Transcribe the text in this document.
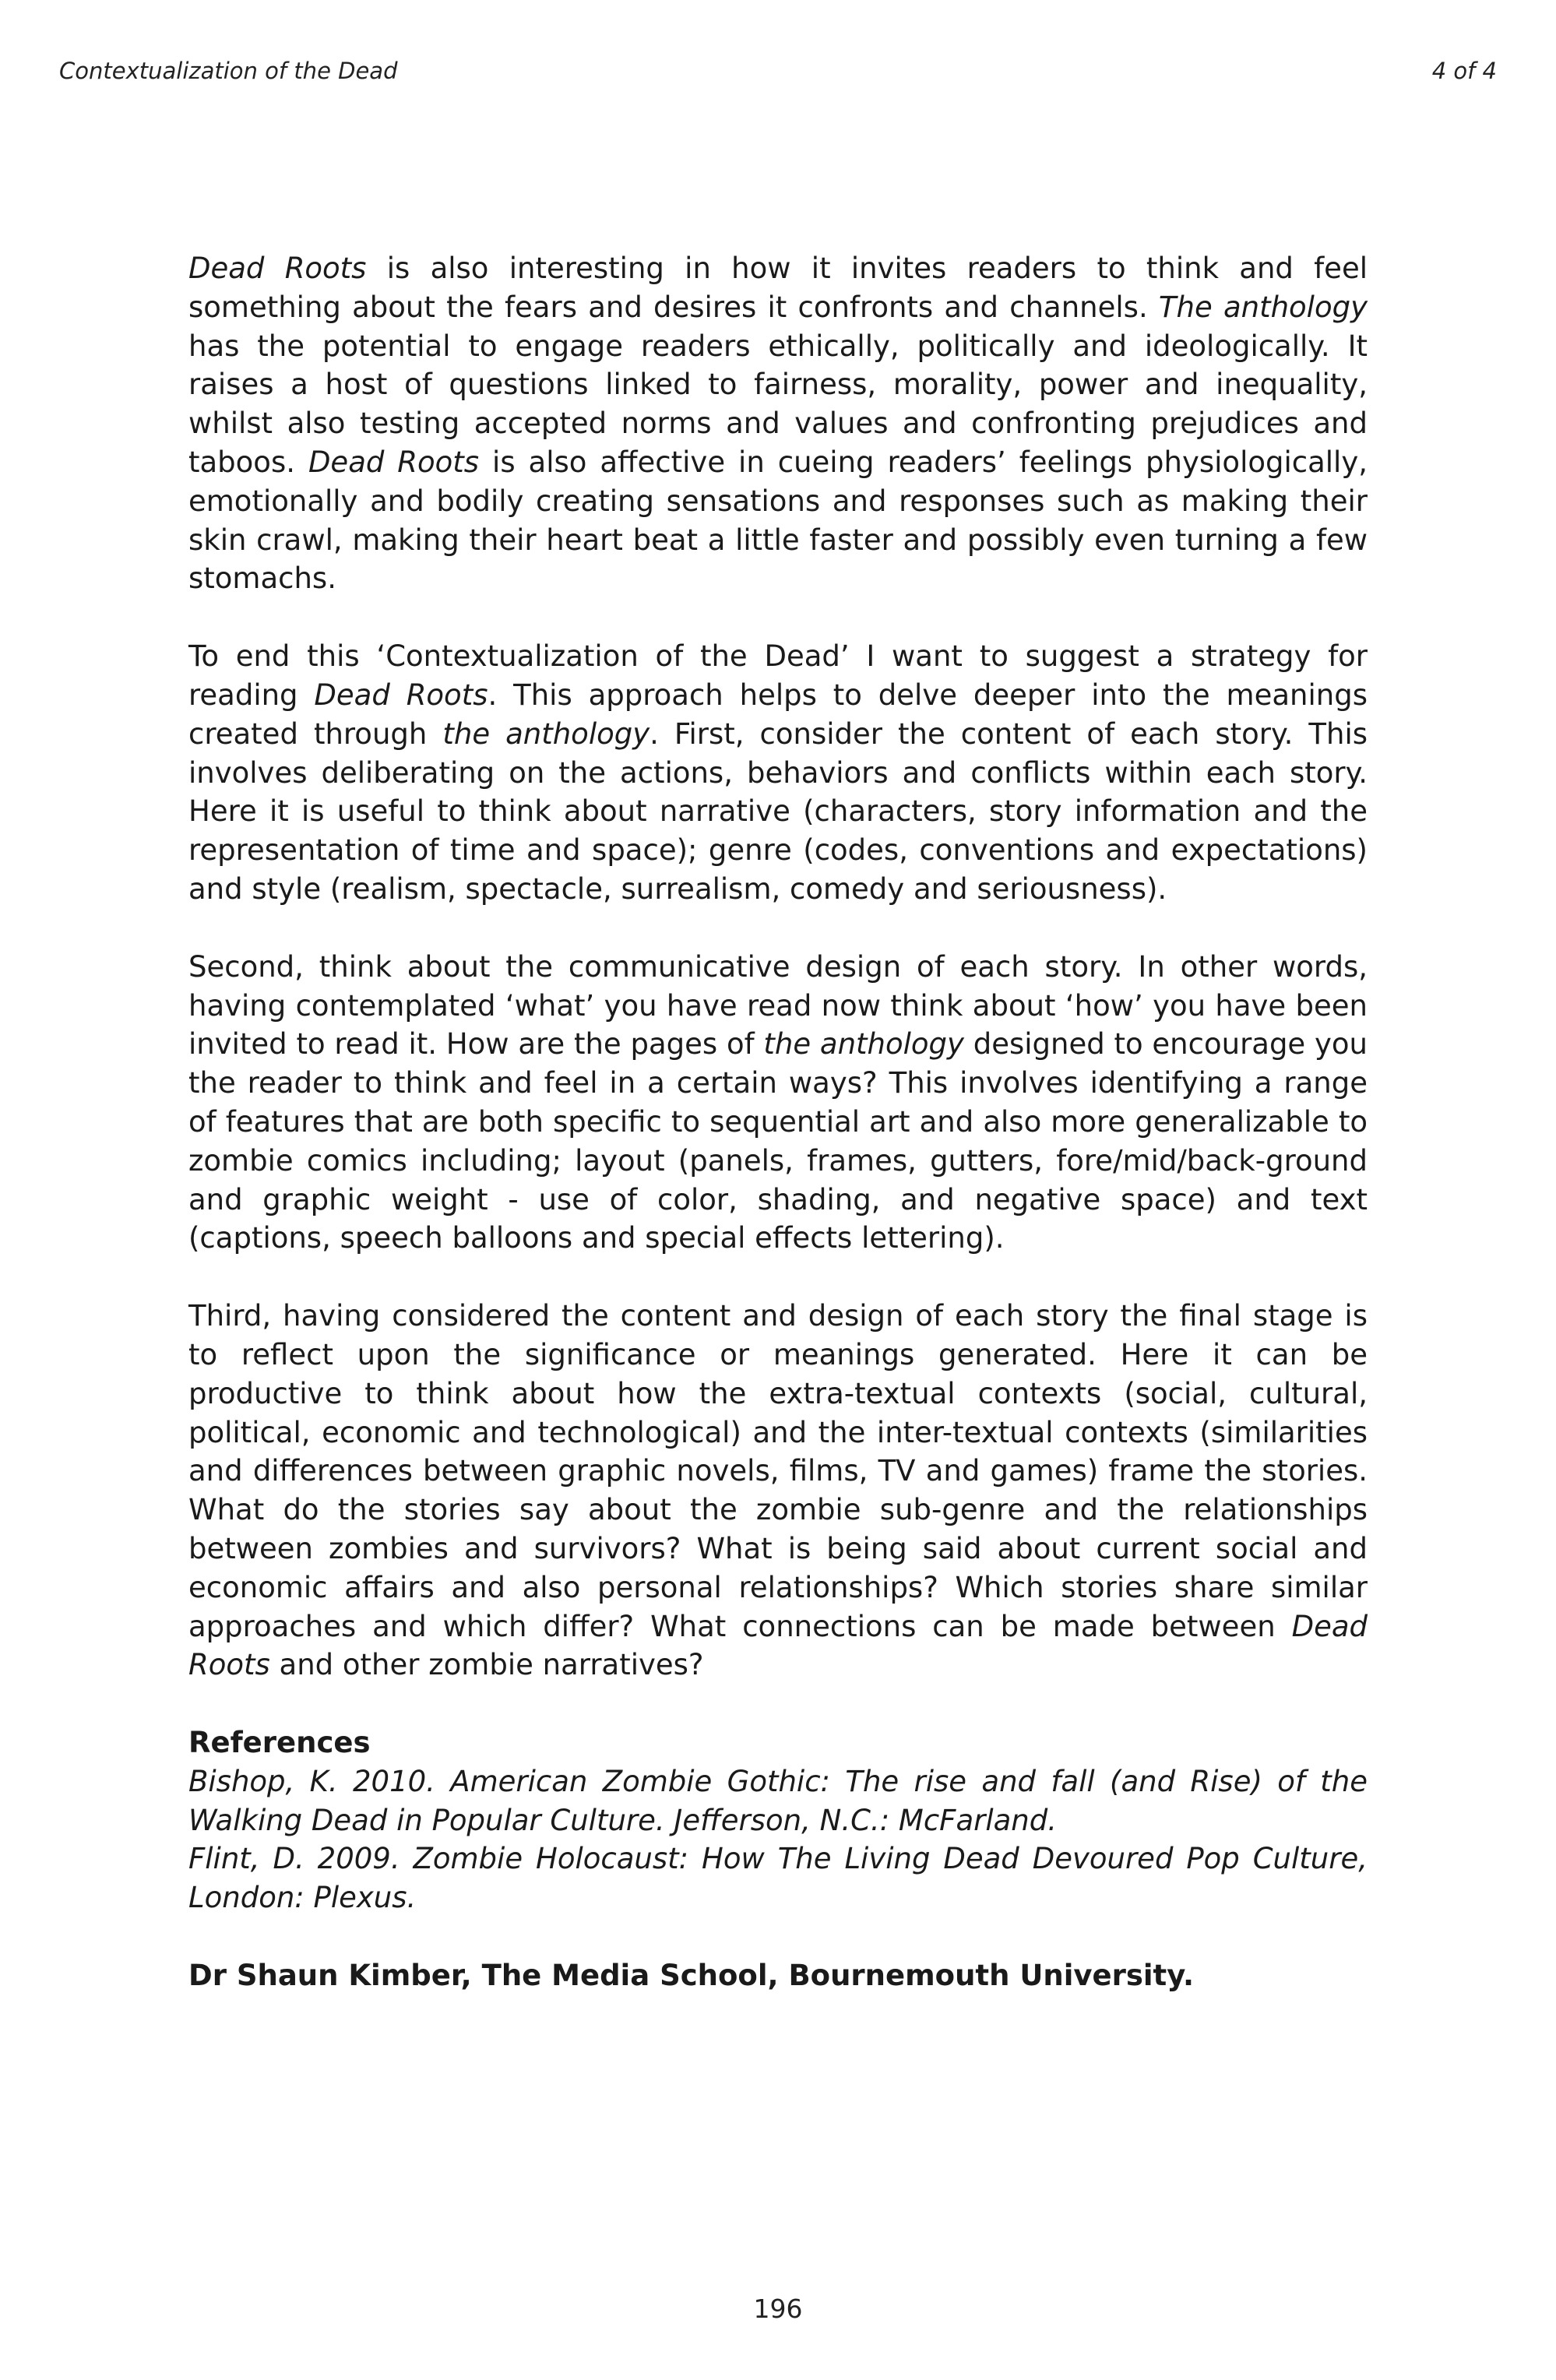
Contextualization of the Dead	4 of 4

Dead Roots is also interesting in how it invites readers to think and feel something about the fears and desires it confronts and channels. The anthology has the potential to engage readers ethically, politically and ideologically. It raises a host of questions linked to fairness, morality, power and inequality, whilst also testing accepted norms and values and confronting prejudices and taboos. Dead Roots is also affective in cueing readers’ feelings physiologically, emotionally and bodily creating sensations and responses such as making their skin crawl, making their heart beat a little faster and possibly even turning a few stomachs.

To end this ‘Contextualization of the Dead’ I want to suggest a strategy for reading Dead Roots. This approach helps to delve deeper into the meanings created through the anthology. First, consider the content of each story. This involves deliberating on the actions, behaviors and conflicts within each story. Here it is useful to think about narrative (characters, story information and the representation of time and space); genre (codes, conventions and expectations) and style (realism, spectacle, surrealism, comedy and seriousness).

Second, think about the communicative design of each story. In other words, having contemplated ‘what’ you have read now think about ‘how’ you have been invited to read it. How are the pages of the anthology designed to encourage you the reader to think and feel in a certain ways? This involves identifying a range of features that are both specific to sequential art and also more generalizable to zombie comics including; layout (panels, frames, gutters, fore/mid/back-ground and graphic weight - use of color, shading, and negative space) and text (captions, speech balloons and special effects lettering).

Third, having considered the content and design of each story the final stage is to reflect upon the significance or meanings generated. Here it can be productive to think about how the extra-textual contexts (social, cultural, political, economic and technological) and the inter-textual contexts (similarities and differences between graphic novels, films, TV and games) frame the stories. What do the stories say about the zombie sub-genre and the relationships between zombies and survivors? What is being said about current social and economic affairs and also personal relationships? Which stories share similar approaches and which differ? What connections can be made between Dead Roots and other zombie narratives?

References

Bishop, K. 2010. American Zombie Gothic: The rise and fall (and Rise) of the Walking Dead in Popular Culture. Jefferson, N.C.: McFarland.

Flint, D. 2009. Zombie Holocaust: How The Living Dead Devoured Pop Culture, London: Plexus.

Dr Shaun Kimber, The Media School, Bournemouth University.
196
